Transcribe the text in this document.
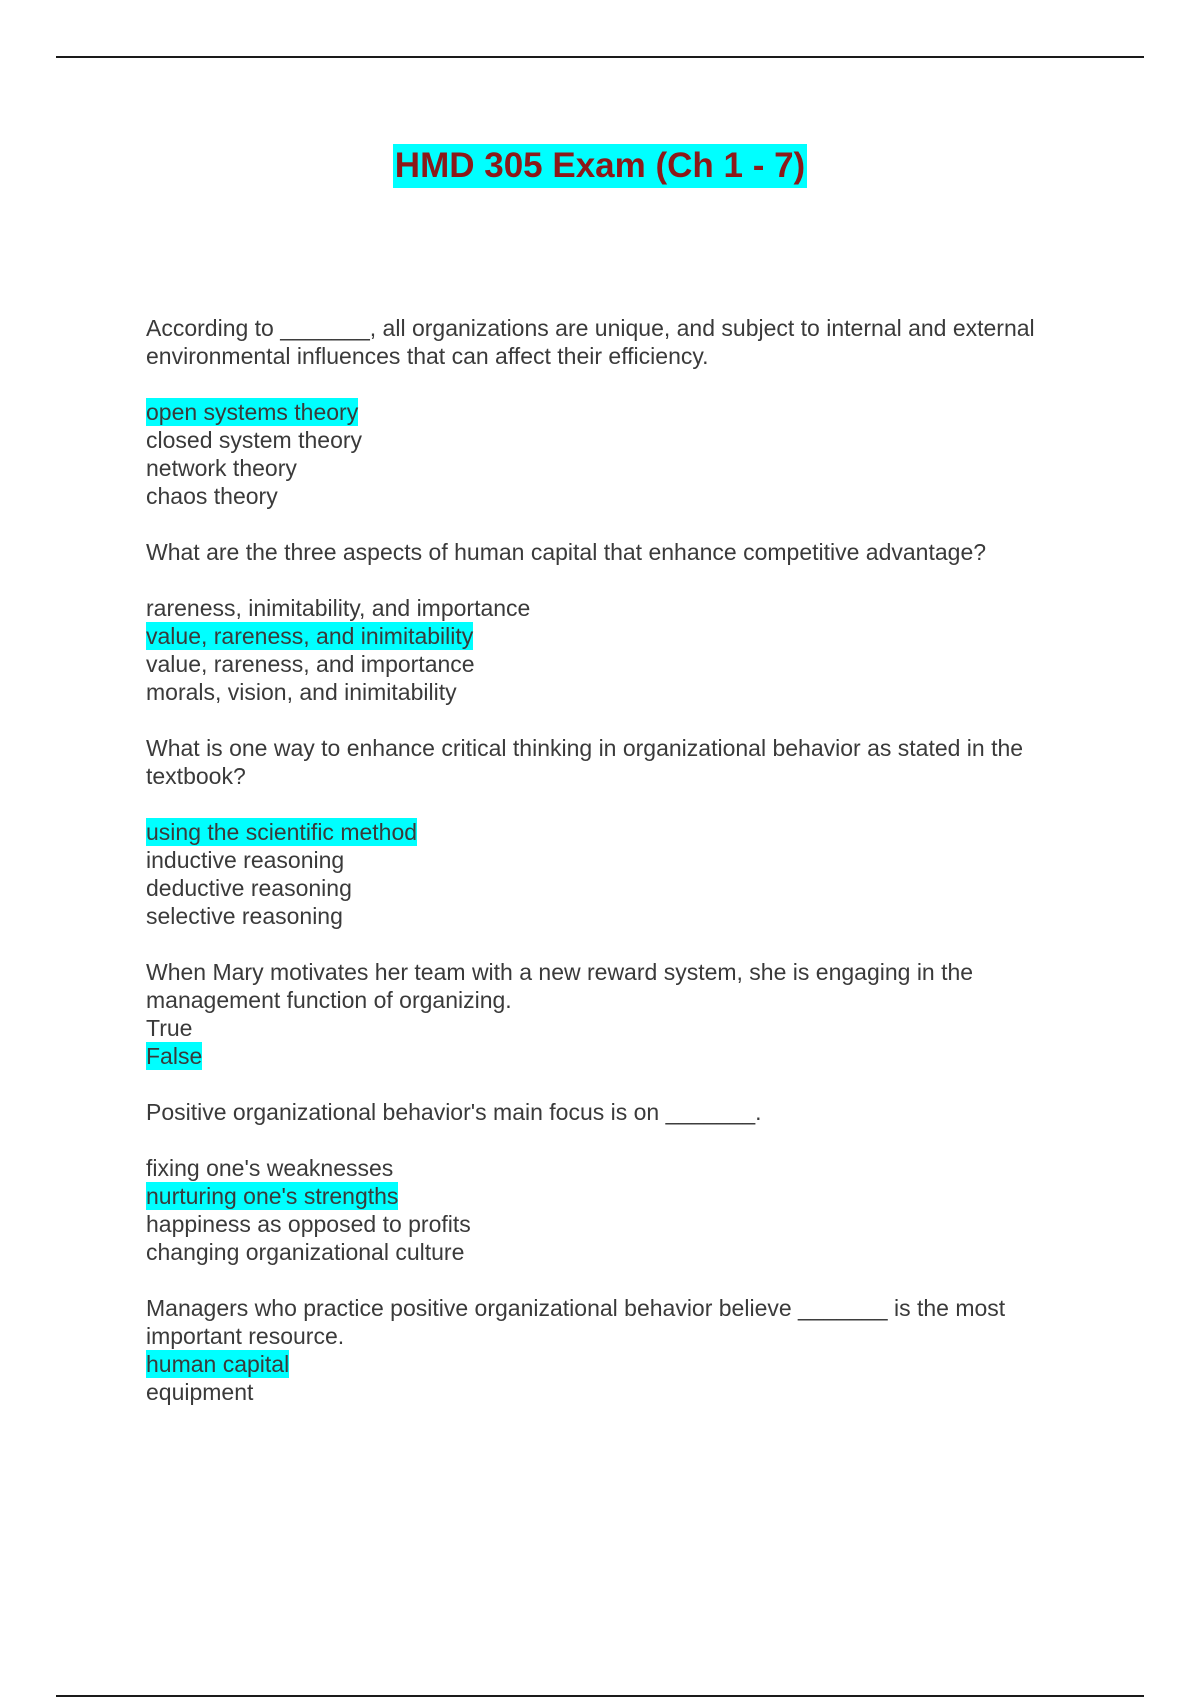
HMD 305 Exam (Ch 1 - 7)

According to _______, all organizations are unique, and subject to internal and external environmental influences that can affect their efficiency.

open systems theory
closed system theory
network theory
chaos theory

What are the three aspects of human capital that enhance competitive advantage?

rareness, inimitability, and importance
value, rareness, and inimitability
value, rareness, and importance
morals, vision, and inimitability

What is one way to enhance critical thinking in organizational behavior as stated in the textbook?

using the scientific method
inductive reasoning
deductive reasoning
selective reasoning

When Mary motivates her team with a new reward system, she is engaging in the management function of organizing.

True
False

Positive organizational behavior's main focus is on _______.

fixing one's weaknesses
nurturing one's strengths
happiness as opposed to profits
changing organizational culture

Managers who practice positive organizational behavior believe _______ is the most important resource.

human capital
equipment
